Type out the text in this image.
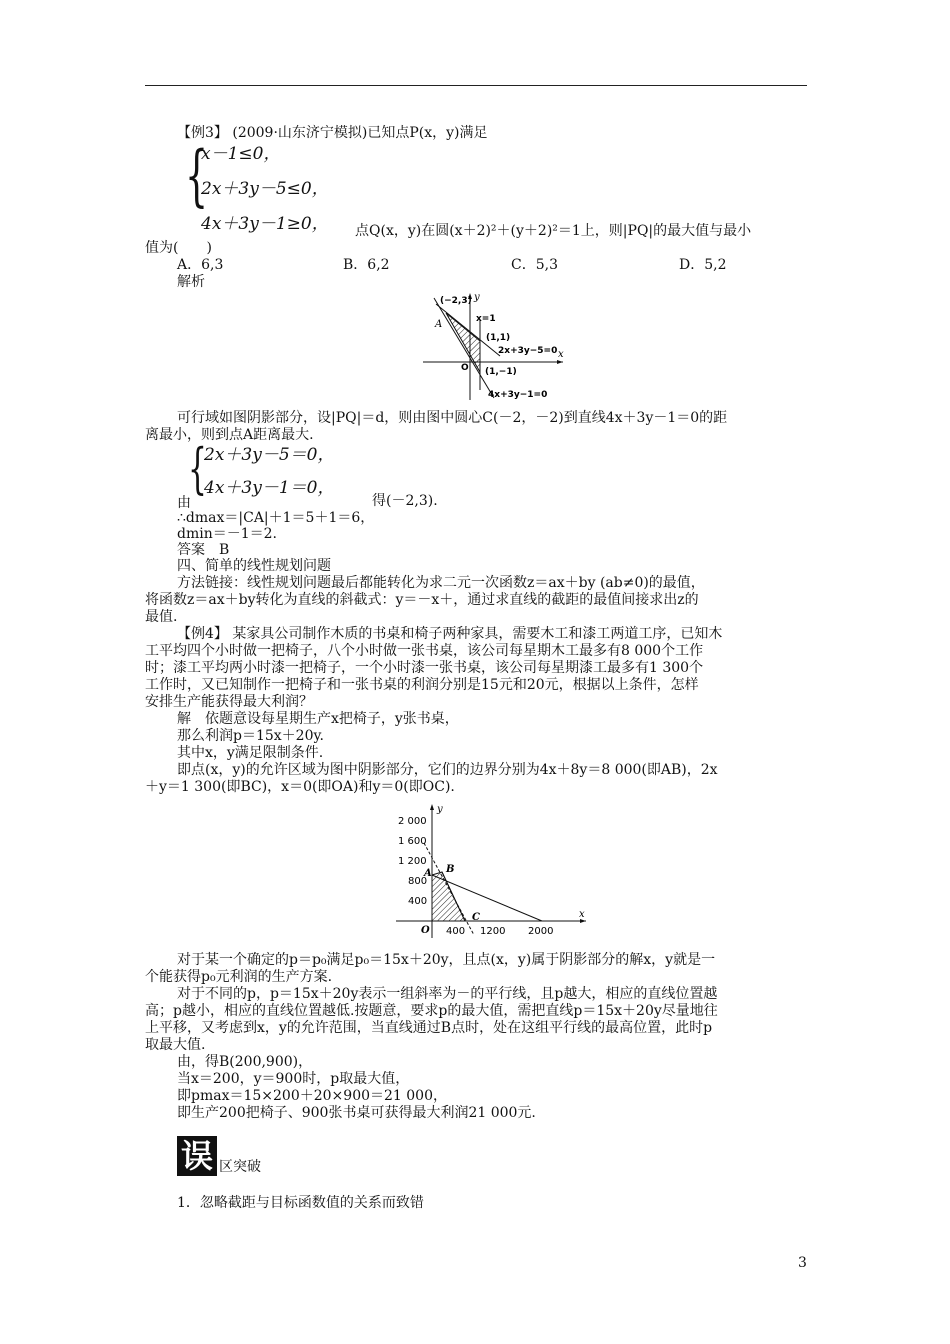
【例3】 (2009·山东济宁模拟)已知点P(x，y)满足
{
x－1≤0，
2x＋3y－5≤0，
4x＋3y－1≥0， 点Q(x，y)在圆(x＋2)²＋(y＋2)²＝1上，则|PQ|的最大值与最小
值为(　　)
A．6,3	B．6,2	C．5,3	D．5,2
解析
(−2,3)
A	x=1
(1,1)
2x+3y−5=0
O (1,−1)
x
y
4x+3y−1=0
可行域如图阴影部分，设|PQ|＝d，则由图中圆心C(－2，－2)到直线4x＋3y－1＝0的距
离最小，则到点A距离最大.
{
2x＋3y－5＝0，
4x＋3y－1＝0，
由	得(－2,3).
∴dmax＝|CA|＋1＝5＋1＝6，
dmin＝－1＝2.
答案　B
四、简单的线性规划问题
方法链接：线性规划问题最后都能转化为求二元一次函数z＝ax＋by (ab≠0)的最值，
将函数z＝ax＋by转化为直线的斜截式：y＝－x＋，通过求直线的截距的最值间接求出z的
最值.
【例4】 某家具公司制作木质的书桌和椅子两种家具，需要木工和漆工两道工序，已知木
工平均四个小时做一把椅子，八个小时做一张书桌，该公司每星期木工最多有8 000个工作
时；漆工平均两小时漆一把椅子，一个小时漆一张书桌，该公司每星期漆工最多有1 300个
工作时，又已知制作一把椅子和一张书桌的利润分别是15元和20元，根据以上条件，怎样
安排生产能获得最大利润？
解　依题意设每星期生产x把椅子，y张书桌，
那么利润p＝15x＋20y.
其中x，y满足限制条件.
即点(x，y)的允许区域为图中阴影部分，它们的边界分别为4x＋8y＝8 000(即AB)，2x
＋y＝1 300(即BC)，x＝0(即OA)和y＝0(即OC).
2 000
1 600
1 200
800
400
400 1200 2000
A B
C
O
x
y
对于某一个确定的p＝p₀满足p₀＝15x＋20y，且点(x，y)属于阴影部分的解x，y就是一
个能获得p₀元利润的生产方案.
对于不同的p，p＝15x＋20y表示一组斜率为－的平行线，且p越大，相应的直线位置越
高；p越小，相应的直线位置越低.按题意，要求p的最大值，需把直线p＝15x＋20y尽量地往
上平移，又考虑到x，y的允许范围，当直线通过B点时，处在这组平行线的最高位置，此时p
取最大值.
由，得B(200,900)，
当x＝200，y＝900时，p取最大值，
即pmax＝15×200＋20×900＝21 000，
即生产200把椅子、900张书桌可获得最大利润21 000元.
误 区突破
1．忽略截距与目标函数值的关系而致错
3
